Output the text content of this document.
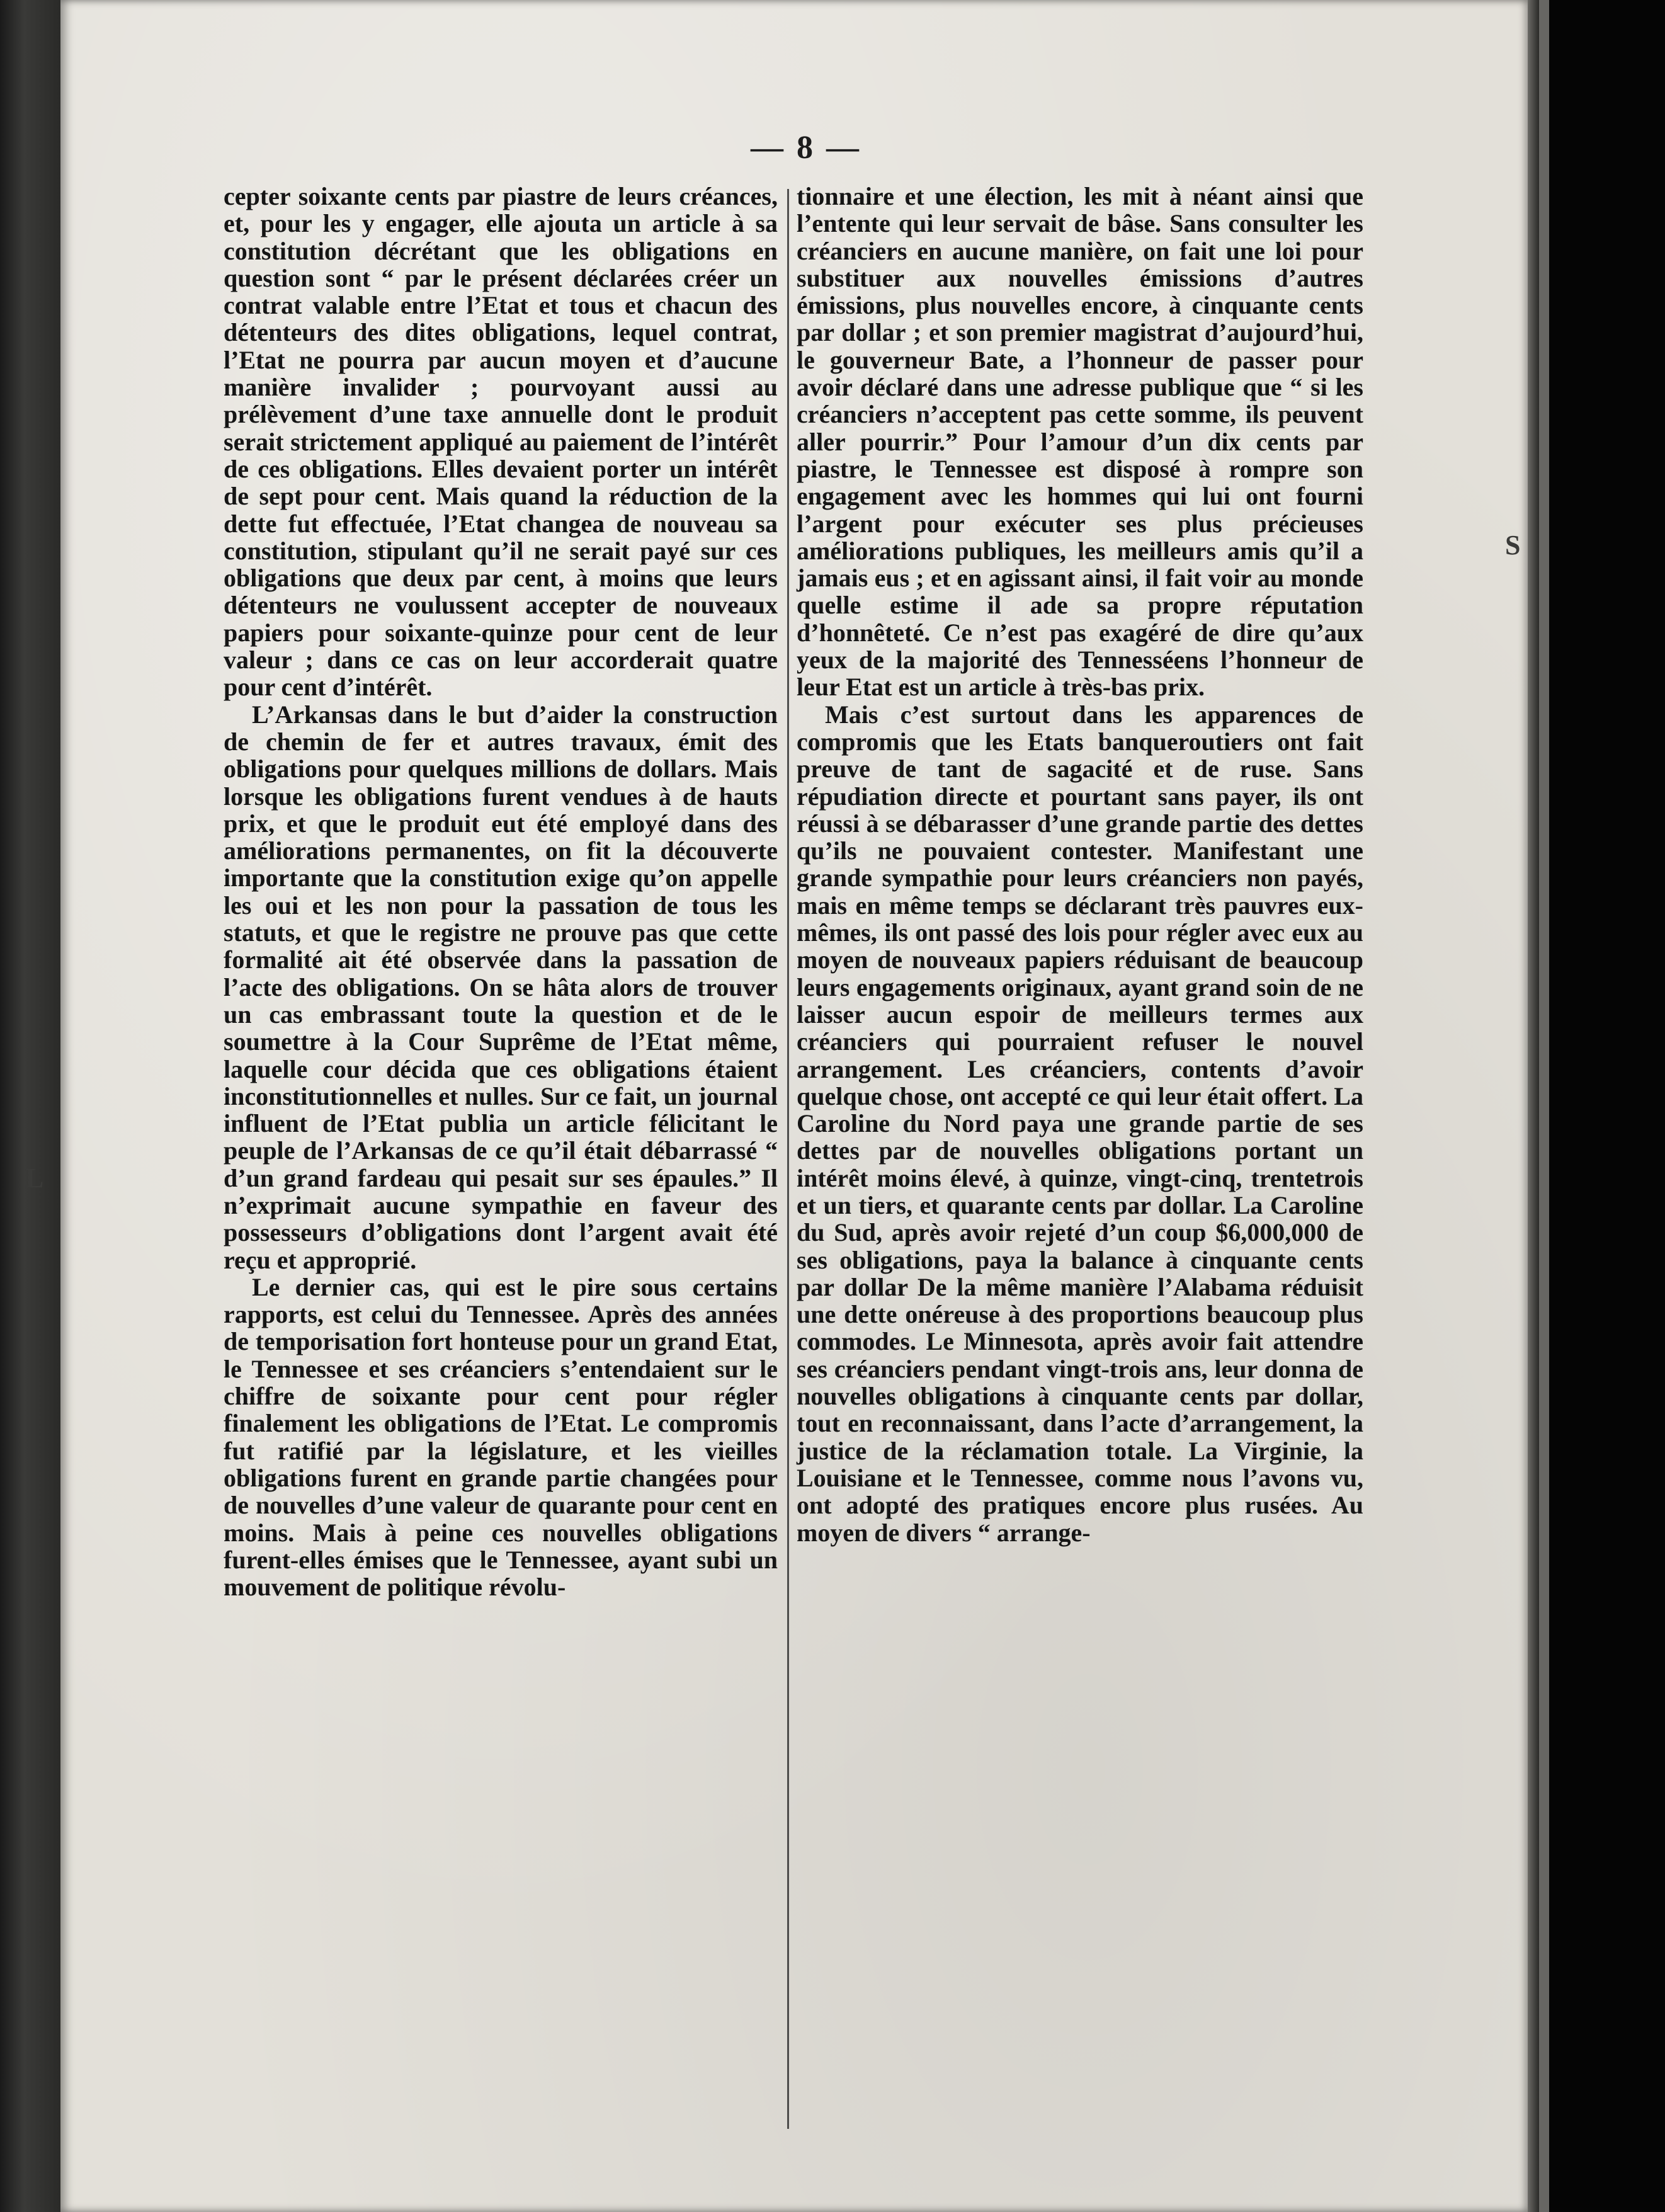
— 8 —

cepter soixante cents par piastre de leurs créances, et, pour les y engager, elle ajouta un article à sa constitution décrétant que les obligations en question sont “ par le présent déclarées créer un contrat valable entre l’Etat et tous et chacun des détenteurs des dites obligations, lequel contrat, l’Etat ne pourra par aucun moyen et d’aucune manière invalider ; pourvoyant aussi au prélèvement d’une taxe annuelle dont le produit serait strictement appliqué au paiement de l’intérêt de ces obligations. Elles devaient porter un intérêt de sept pour cent. Mais quand la réduction de la dette fut effectuée, l’Etat changea de nouveau sa constitution, stipulant qu’il ne serait payé sur ces obligations que deux par cent, à moins que leurs détenteurs ne voulussent accepter de nouveaux papiers pour soixante-quinze pour cent de leur valeur ; dans ce cas on leur accorderait quatre pour cent d’intérêt.

L’Arkansas dans le but d’aider la construction de chemin de fer et autres travaux, émit des obligations pour quelques millions de dollars. Mais lorsque les obligations furent vendues à de hauts prix, et que le produit eut été employé dans des améliorations permanentes, on fit la découverte importante que la constitution exige qu’on appelle les oui et les non pour la passation de tous les statuts, et que le registre ne prouve pas que cette formalité ait été observée dans la passation de l’acte des obligations. On se hâta alors de trouver un cas embrassant toute la question et de le soumettre à la Cour Suprême de l’Etat même, laquelle cour décida que ces obligations étaient inconstitutionnelles et nulles. Sur ce fait, un journal influent de l’Etat publia un article félicitant le peuple de l’Arkansas de ce qu’il était débarrassé “ d’un grand fardeau qui pesait sur ses épaules.” Il n’exprimait aucune sympathie en faveur des possesseurs d’obligations dont l’argent avait été reçu et approprié.

Le dernier cas, qui est le pire sous certains rapports, est celui du Tennessee. Après des années de temporisation fort honteuse pour un grand Etat, le Tennessee et ses créanciers s’entendaient sur le chiffre de soixante pour cent pour régler finalement les obligations de l’Etat. Le compromis fut ratifié par la législature, et les vieilles obligations furent en grande partie changées pour de nouvelles d’une valeur de quarante pour cent en moins. Mais à peine ces nouvelles obligations furent-elles émises que le Tennessee, ayant subi un mouvement de politique révolu-

tionnaire et une élection, les mit à néant ainsi que l’entente qui leur servait de bâse. Sans consulter les créanciers en aucune manière, on fait une loi pour substituer aux nouvelles émissions d’autres émissions, plus nouvelles encore, à cinquante cents par dollar ; et son premier magistrat d’aujourd’hui, le gouverneur Bate, a l’honneur de passer pour avoir déclaré dans une adresse publique que “ si les créanciers n’acceptent pas cette somme, ils peuvent aller pourrir.” Pour l’amour d’un dix cents par piastre, le Tennessee est disposé à rompre son engagement avec les hommes qui lui ont fourni l’argent pour exécuter ses plus précieuses améliorations publiques, les meilleurs amis qu’il a jamais eus ; et en agissant ainsi, il fait voir au monde quelle estime il ade sa propre réputation d’honnêteté. Ce n’est pas exagéré de dire qu’aux yeux de la majorité des Tennesséens l’honneur de leur Etat est un article à très-bas prix.

Mais c’est surtout dans les apparences de compromis que les Etats banqueroutiers ont fait preuve de tant de sagacité et de ruse. Sans répudiation directe et pourtant sans payer, ils ont réussi à se débarasser d’une grande partie des dettes qu’ils ne pouvaient contester. Manifestant une grande sympathie pour leurs créanciers non payés, mais en même temps se déclarant très pauvres eux-mêmes, ils ont passé des lois pour régler avec eux au moyen de nouveaux papiers réduisant de beaucoup leurs engagements originaux, ayant grand soin de ne laisser aucun espoir de meilleurs termes aux créanciers qui pourraient refuser le nouvel arrangement. Les créanciers, contents d’avoir quelque chose, ont accepté ce qui leur était offert. La Caroline du Nord paya une grande partie de ses dettes par de nouvelles obligations portant un intérêt moins élevé, à quinze, vingt-cinq, trentetrois et un tiers, et quarante cents par dollar. La Caroline du Sud, après avoir rejeté d’un coup $6,000,000 de ses obligations, paya la balance à cinquante cents par dollar De la même manière l’Alabama réduisit une dette onéreuse à des proportions beaucoup plus commodes. Le Minnesota, après avoir fait attendre ses créanciers pendant vingt-trois ans, leur donna de nouvelles obligations à cinquante cents par dollar, tout en reconnaissant, dans l’acte d’arrangement, la justice de la réclamation totale. La Virginie, la Louisiane et le Tennessee, comme nous l’avons vu, ont adopté des pratiques encore plus rusées. Au moyen de divers “ arrange-

L
S
